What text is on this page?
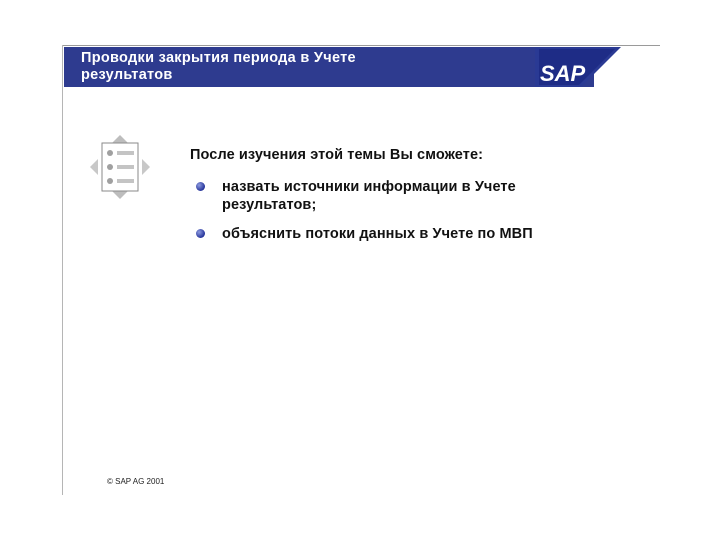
Проводки закрытия периода в Учете
результатов	SAP
После изучения этой темы Вы сможете:
назвать источники информации в Учете
результатов;
объяснить потоки данных в Учете по МВП
© SAP AG 2001
